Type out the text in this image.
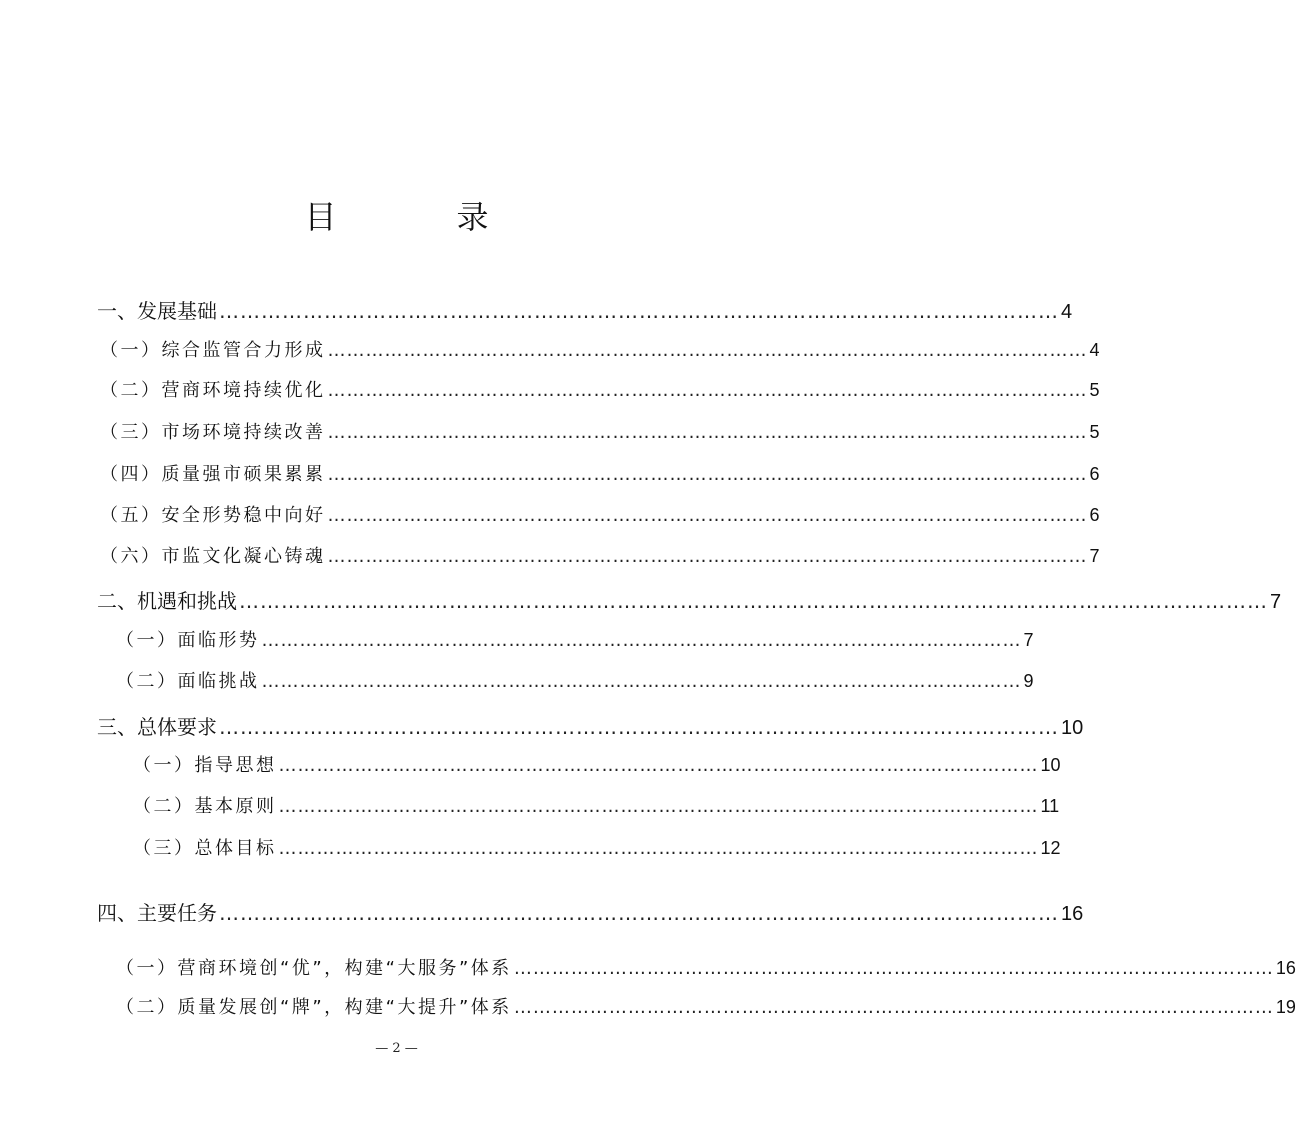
目　录
一、发展基础 ………………………………………………………………………………………………………… 4
（一）综合监管合力形成 ………………………………………………………………………………………………………… 4
（二）营商环境持续优化 ………………………………………………………………………………………………………… 5
（三）市场环境持续改善 ………………………………………………………………………………………………………… 5
（四）质量强市硕果累累 ………………………………………………………………………………………………………… 6
（五）安全形势稳中向好 ………………………………………………………………………………………………………… 6
（六）市监文化凝心铸魂 ………………………………………………………………………………………………………… 7
二、机遇和挑战 ………………………………………………………………………………………………………………………………… 7
（一）面临形势 ………………………………………………………………………………………………………… 7
（二）面临挑战 ………………………………………………………………………………………………………… 9
三、总体要求 ………………………………………………………………………………………………………… 10
（一）指导思想 ………………………………………………………………………………………………………… 10
（二）基本原则 ………………………………………………………………………………………………………… 11
（三）总体目标 ………………………………………………………………………………………………………… 12
四、主要任务 ………………………………………………………………………………………………………… 16
（一）营商环境创“优”，构建“大服务”体系 ………………………………………………………………………………………………………… 16
（二）质量发展创“牌”，构建“大提升”体系 ………………………………………………………………………………………………………… 19
— 2 —
